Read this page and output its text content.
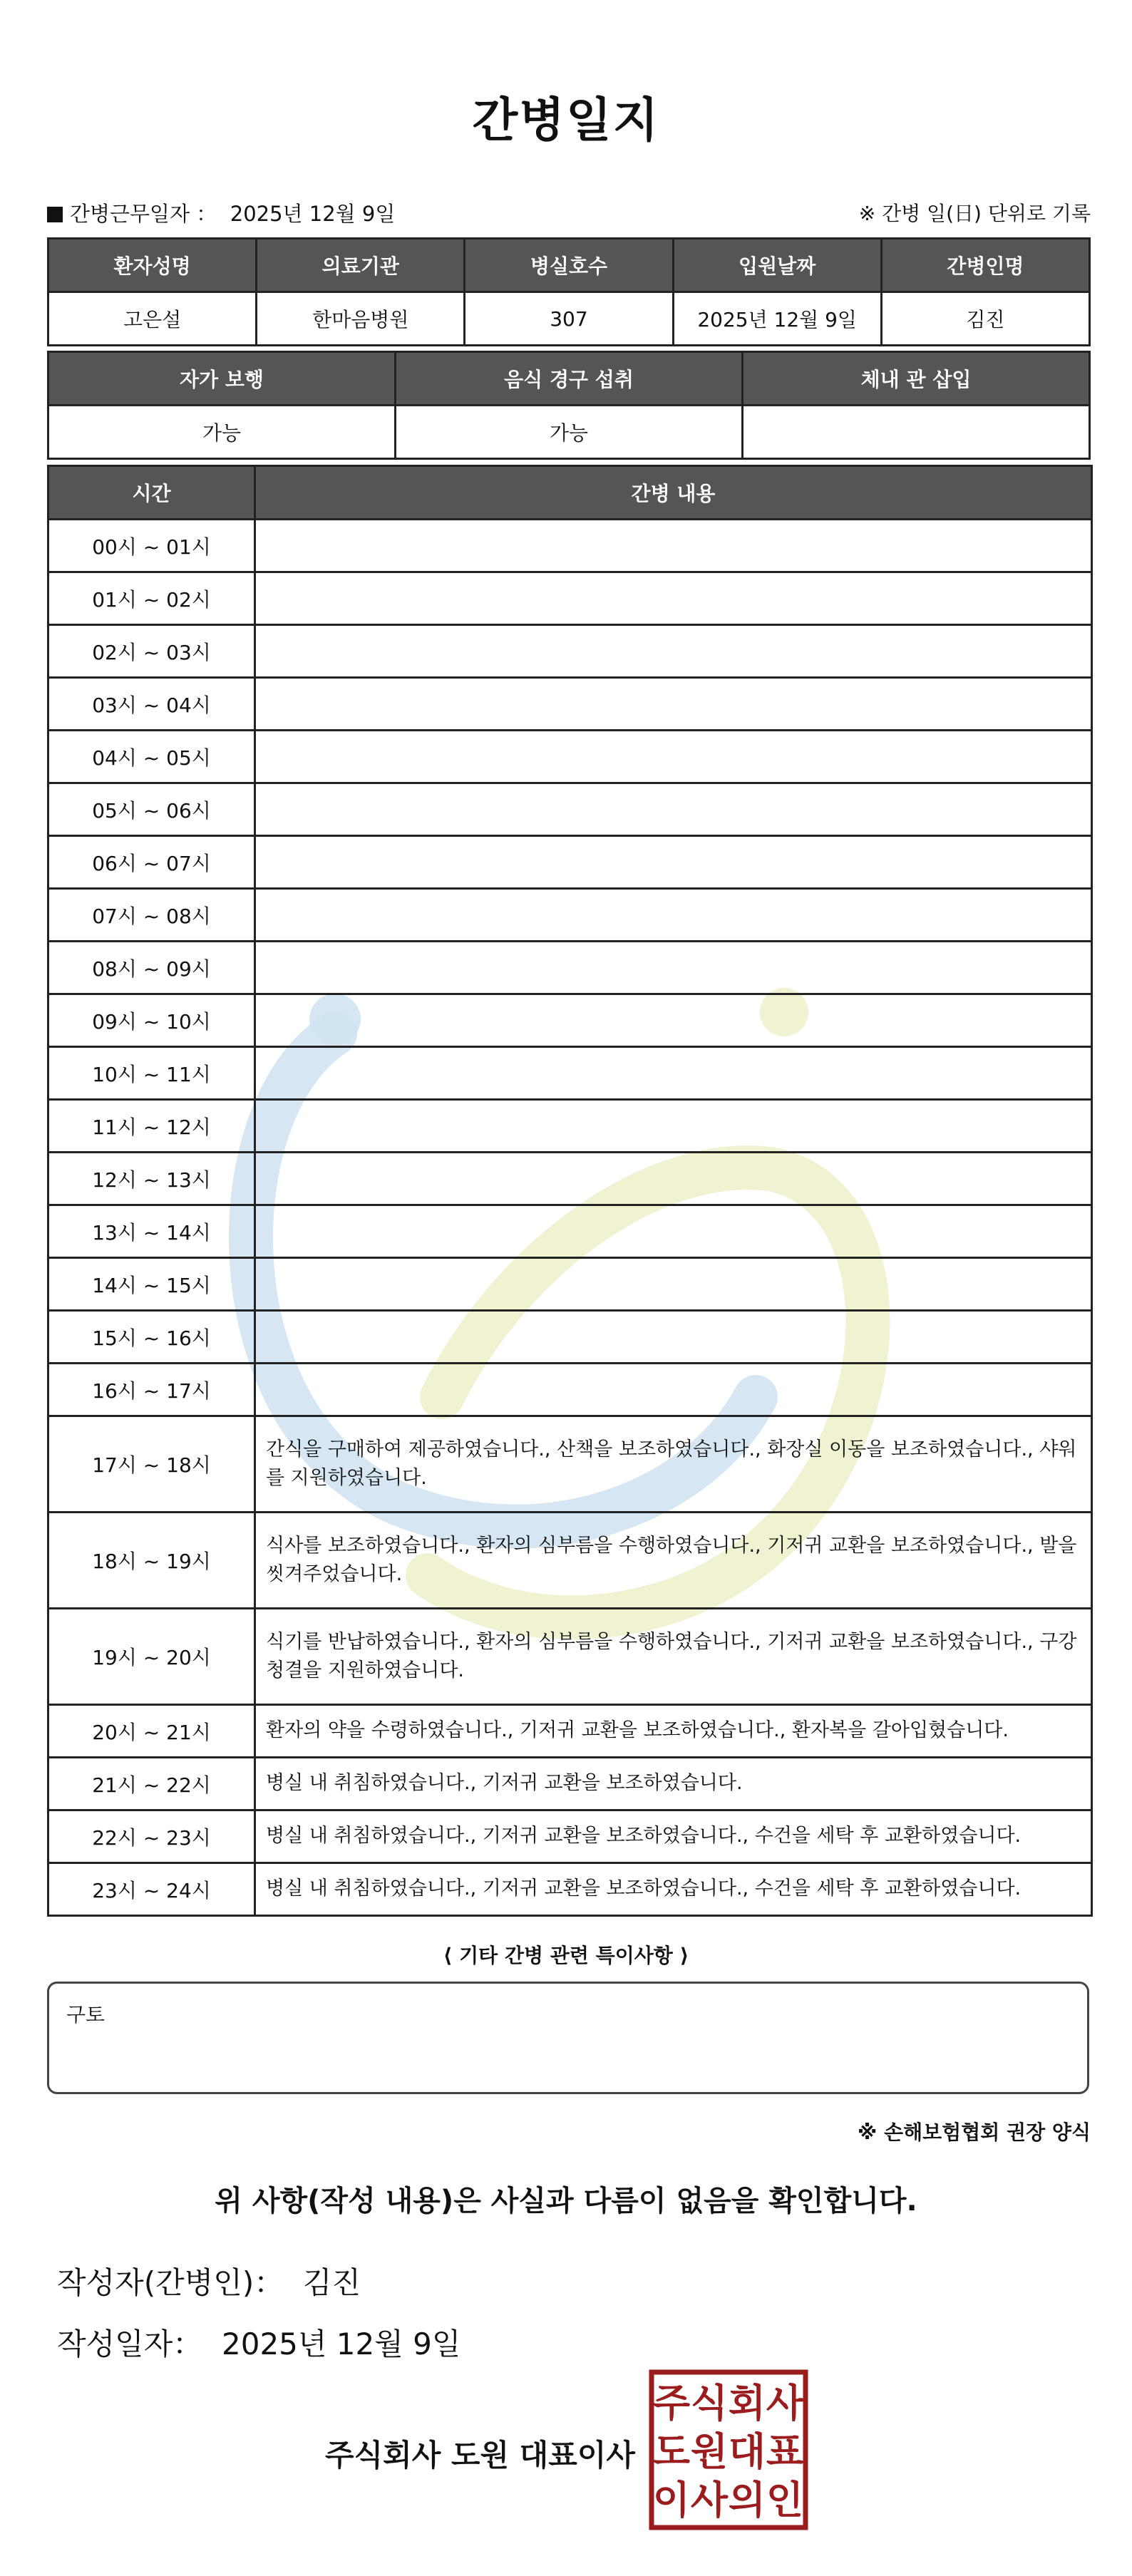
간병일지
간병근무일자 ： 2025년 12월 9일	※ 간병 일(日) 단위로 기록
환자성명	의료기관	병실호수	입원날짜	간병인명
고은설	한마음병원	307	2025년 12월 9일	김진
자가 보행	음식 경구 섭취	체내 관 삽입
가능	가능	
시간	간병 내용
00시 ~ 01시	
01시 ~ 02시	
02시 ~ 03시	
03시 ~ 04시	
04시 ~ 05시	
05시 ~ 06시	
06시 ~ 07시	
07시 ~ 08시	
08시 ~ 09시	
09시 ~ 10시	
10시 ~ 11시	
11시 ~ 12시	
12시 ~ 13시	
13시 ~ 14시	
14시 ~ 15시	
15시 ~ 16시	
16시 ~ 17시	
17시 ~ 18시	간식을 구매하여 제공하였습니다., 산책을 보조하였습니다., 화장실 이동을 보조하였습니다., 샤워를 지원하였습니다.
18시 ~ 19시	식사를 보조하였습니다., 환자의 심부름을 수행하였습니다., 기저귀 교환을 보조하였습니다., 발을 씻겨주었습니다.
19시 ~ 20시	식기를 반납하였습니다., 환자의 심부름을 수행하였습니다., 기저귀 교환을 보조하였습니다., 구강청결을 지원하였습니다.
20시 ~ 21시	환자의 약을 수령하였습니다., 기저귀 교환을 보조하였습니다., 환자복을 갈아입혔습니다.
21시 ~ 22시	병실 내 취침하였습니다., 기저귀 교환을 보조하였습니다.
22시 ~ 23시	병실 내 취침하였습니다., 기저귀 교환을 보조하였습니다., 수건을 세탁 후 교환하였습니다.
23시 ~ 24시	병실 내 취침하였습니다., 기저귀 교환을 보조하였습니다., 수건을 세탁 후 교환하였습니다.
⟨ 기타 간병 관련 특이사항 ⟩
구토
※ 손해보험협회 권장 양식
위 사항(작성 내용)은 사실과 다름이 없음을 확인합니다.
작성자(간병인)： 김진
작성일자： 2025년 12월 9일
주식회사 도원 대표이사
주 식 회 사
도 원 대 표
이 사 의 인
